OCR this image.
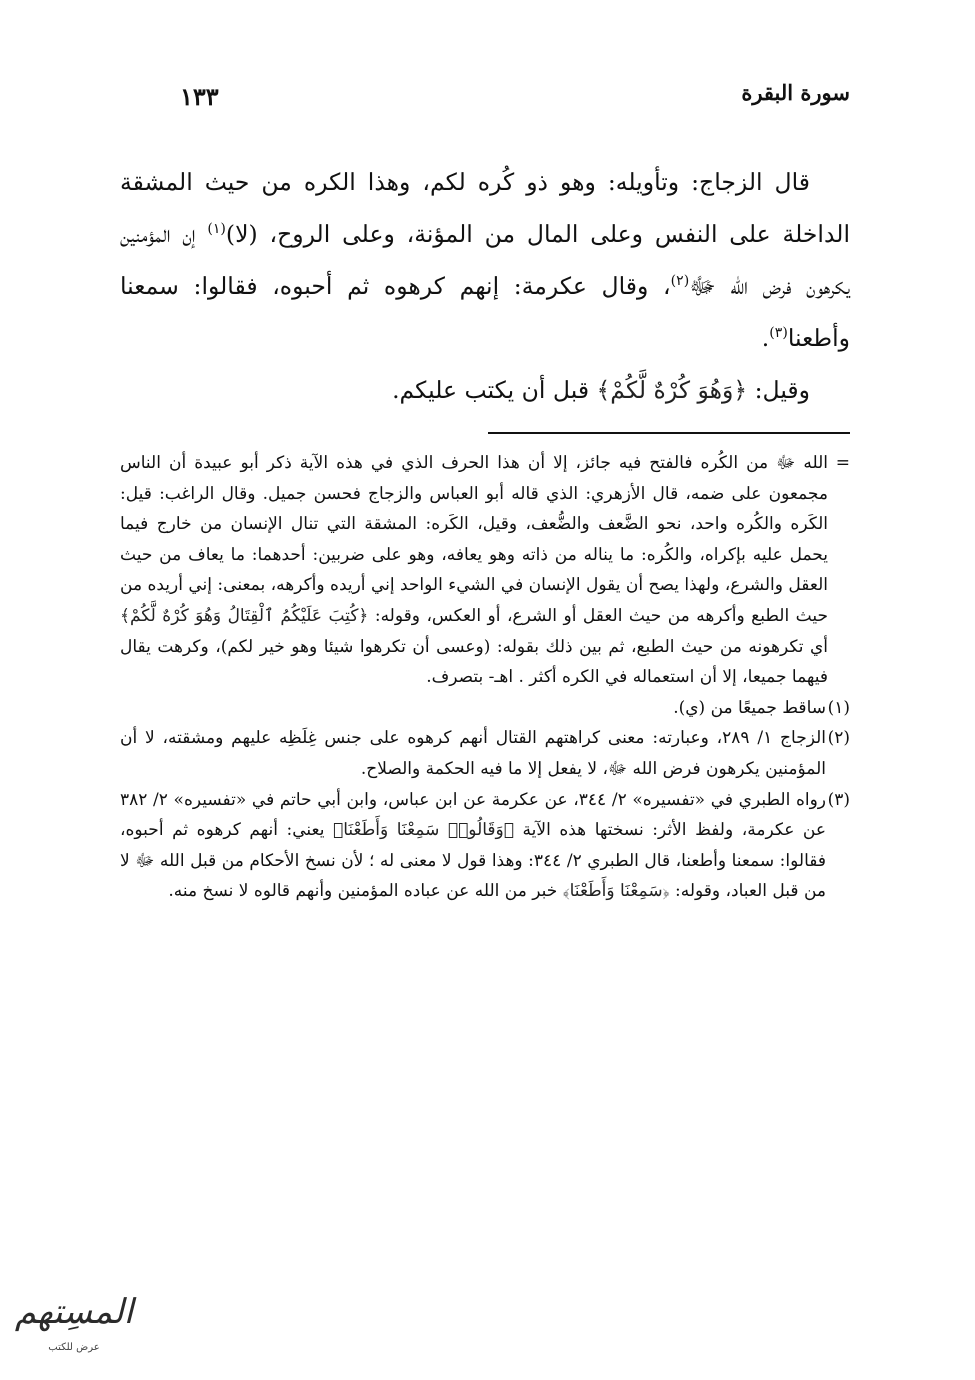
سورة البقرة
١٣٣

قال الزجاج: وتأويله: وهو ذو كُره لكم، وهذا الكره من حيث المشقة الداخلة على النفس وعلى المال من المؤنة، وعلى الروح، (لا)$^{(١)}$ إن المؤمنين يكرهون فرض الله ﷻ$^{(٢)}$، وقال عكرمة: إنهم كرهوه ثم أحبوه، فقالوا: سمعنا وأطعنا$^{(٣)}$.

وقيل: ﴿وَهُوَ كُرْهٌ لَّكُمْ﴾ قبل أن يكتب عليكم.

=
الله ﷻ من الكُره فالفتح فيه جائز، إلا أن هذا الحرف الذي في هذه الآية ذكر أبو عبيدة أن الناس مجمعون على ضمه، قال الأزهري: الذي قاله أبو العباس والزجاج فحسن جميل. وقال الراغب: قيل: الكَره والكُره واحد، نحو الضَّعف والضُّعف، وقيل، الكَره: المشقة التي تنال الإنسان من خارج فيما يحمل عليه بإكراه، والكُره: ما يناله من ذاته وهو يعافه، وهو على ضربين: أحدهما: ما يعاف من حيث العقل والشرع، ولهذا يصح أن يقول الإنسان في الشيء الواحد إني أريده وأكرهه، بمعنى: إني أريده من حيث الطبع وأكرهه من حيث العقل أو الشرع، أو العكس، وقوله: ﴿كُتِبَ عَلَيْكُمُ ٱلْقِتَالُ وَهُوَ كُرْهٌ لَّكُمْ﴾ أي تكرهونه من حيث الطبع، ثم بين ذلك بقوله: (وعسى أن تكرهوا شيئا وهو خير لكم)، وكرهت يقال فيهما جميعا، إلا أن استعماله في الكره أكثر . اهـ- بتصرف.

(١)
ساقط جميعًا من (ي).

(٢)
الزجاج ١/ ٢٨٩، وعبارته: معنى كراهتهم القتال أنهم كرهوه على جنس غِلَظِه عليهم ومشقته، لا أن المؤمنين يكرهون فرض الله ﷻ، لا يفعل إلا ما فيه الحكمة والصلاح.

(٣)
رواه الطبري في «تفسيره» ٢/ ٣٤٤، عن عكرمة عن ابن عباس، وابن أبي حاتم في «تفسيره» ٢/ ٣٨٢ عن عكرمة، ولفظ الأثر: نسختها هذه الآية ﴿وَقَالُوا۟ سَمِعْنَا وَأَطَعْنَا﴾ يعني: أنهم كرهوه ثم أحبوه، فقالوا: سمعنا وأطعنا، قال الطبري ٢/ ٣٤٤: وهذا قول لا معنى له ؛ لأن نسخ الأحكام من قبل الله ﷻ لا من قبل العباد، وقوله: ﴿سَمِعْنَا وَأَطَعْنَا﴾ خبر من الله عن عباده المؤمنين وأنهم قالوه لا نسخ منه.

المسِتهم
عرض للكتب
